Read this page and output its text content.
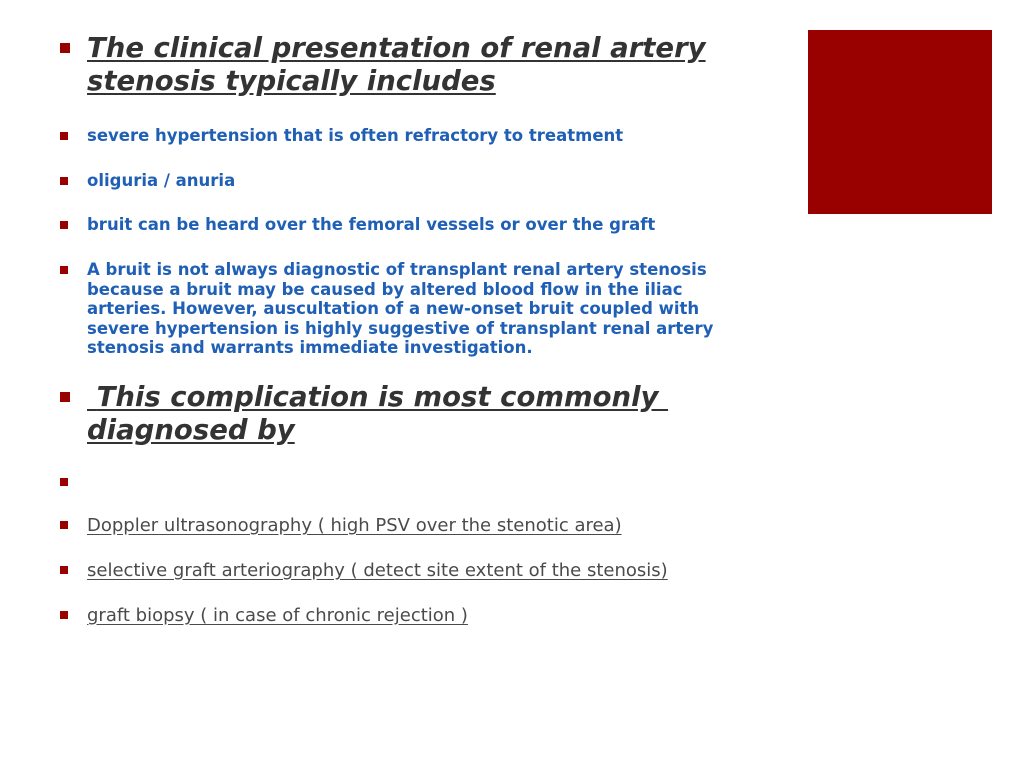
The clinical presentation of renal artery stenosis typically includes
severe hypertension that is often refractory to treatment
oliguria / anuria
bruit can be heard over the femoral vessels or over the graft
A bruit is not always diagnostic of transplant renal artery stenosis because a bruit may be caused by altered blood flow in the iliac arteries. However, auscultation of a new-onset bruit coupled with severe hypertension is highly suggestive of transplant renal artery stenosis and warrants immediate investigation.
This complication is most commonly diagnosed by
Doppler ultrasonography ( high PSV over the stenotic area)
selective graft arteriography ( detect site extent of the stenosis)
graft biopsy ( in case of chronic rejection )
